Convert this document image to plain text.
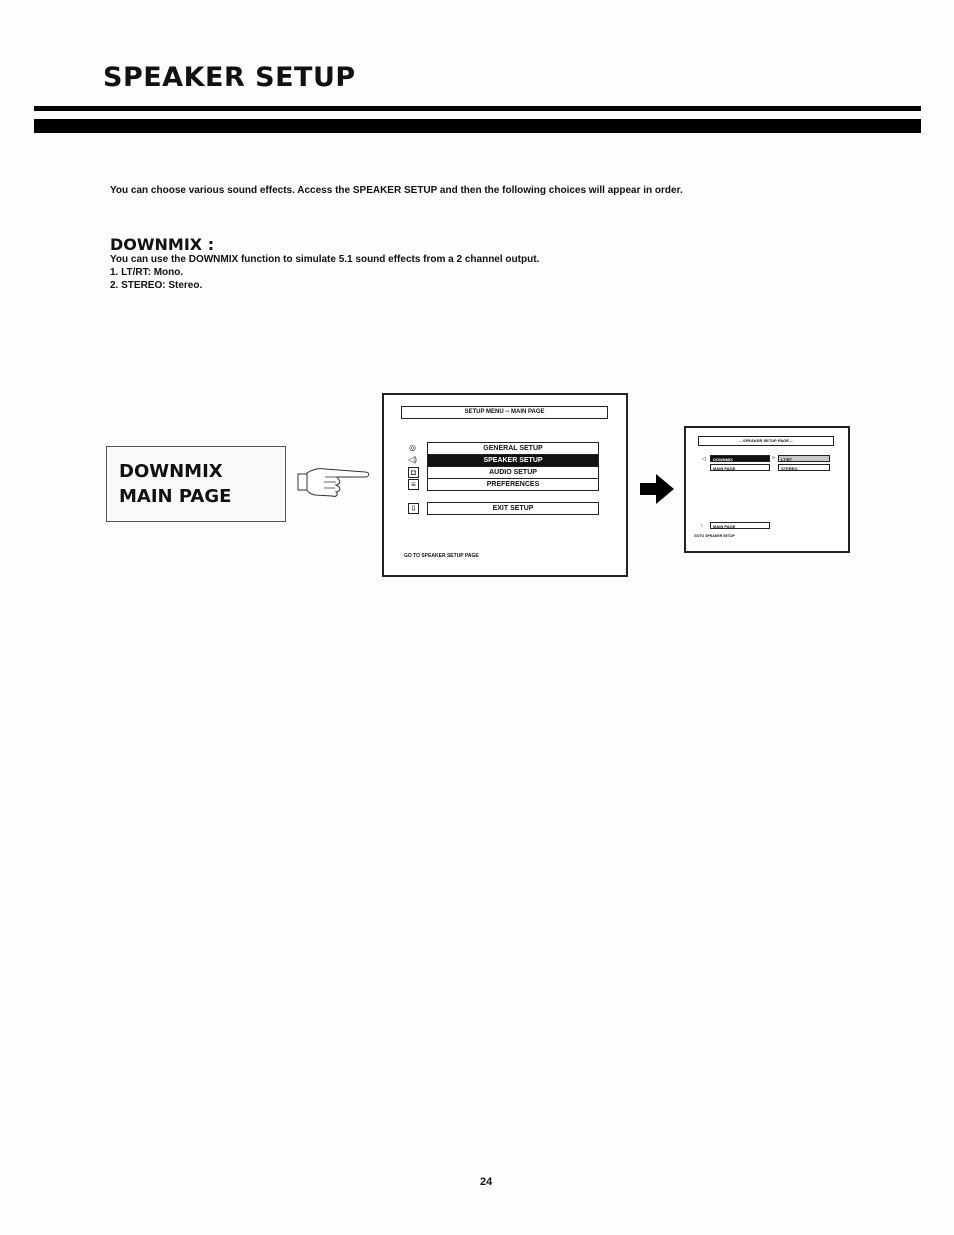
SPEAKER SETUP
You can choose various sound effects. Access the SPEAKER SETUP and then the following choices will appear in order.
DOWNMIX :
You can use the DOWNMIX function to simulate 5.1 sound effects from a 2 channel output.
1. LT/RT: Mono.
2. STEREO: Stereo.
DOWNMIX
MAIN PAGE
SETUP MENU -- MAIN PAGE
◎	GENERAL SETUP
◁)	SPEAKER SETUP
◘	AUDIO SETUP
≡	PREFERENCES
⇩	EXIT SETUP
GO TO SPEAKER SETUP PAGE
-- SPEAKER SETUP PAGE --
◁	DOWNMIX	»	LT/RT
MAIN PAGE	STEREO
♀	MAIN PAGE
GOTO SPEAKER SETUP
24
